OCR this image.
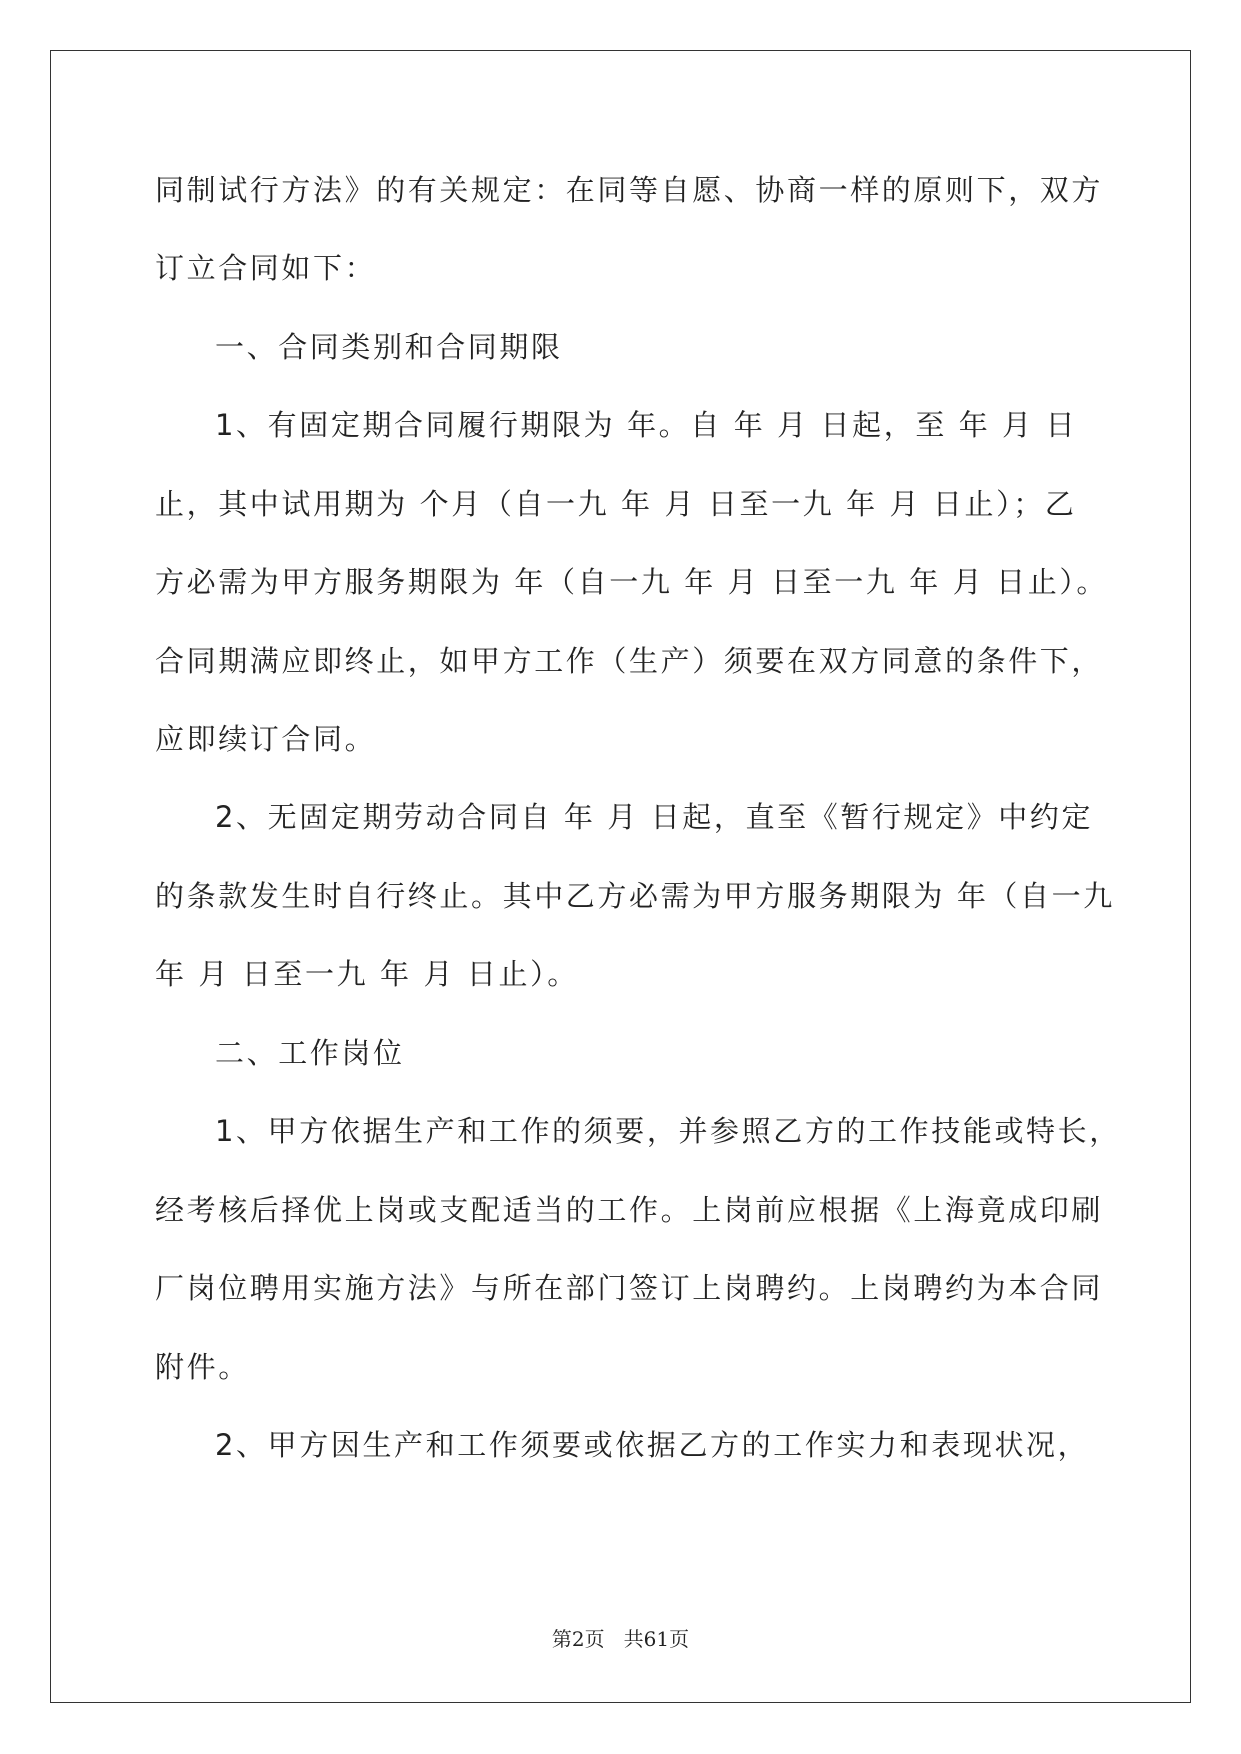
同制试行方法》的有关规定：在同等自愿、协商一样的原则下，双方
订立合同如下：
一、合同类别和合同期限
1、有固定期合同履行期限为 年。自 年 月 日起，至 年 月 日
止，其中试用期为 个月（自一九 年 月 日至一九 年 月 日止）；乙
方必需为甲方服务期限为 年（自一九 年 月 日至一九 年 月 日止）。
合同期满应即终止，如甲方工作（生产）须要在双方同意的条件下，
应即续订合同。
2、无固定期劳动合同自 年 月 日起，直至《暂行规定》中约定
的条款发生时自行终止。其中乙方必需为甲方服务期限为 年（自一九
年 月 日至一九 年 月 日止）。
二、工作岗位
1、甲方依据生产和工作的须要，并参照乙方的工作技能或特长，
经考核后择优上岗或支配适当的工作。上岗前应根据《上海竟成印刷
厂岗位聘用实施方法》与所在部门签订上岗聘约。上岗聘约为本合同
附件。
2、甲方因生产和工作须要或依据乙方的工作实力和表现状况，
第2页   共61页
